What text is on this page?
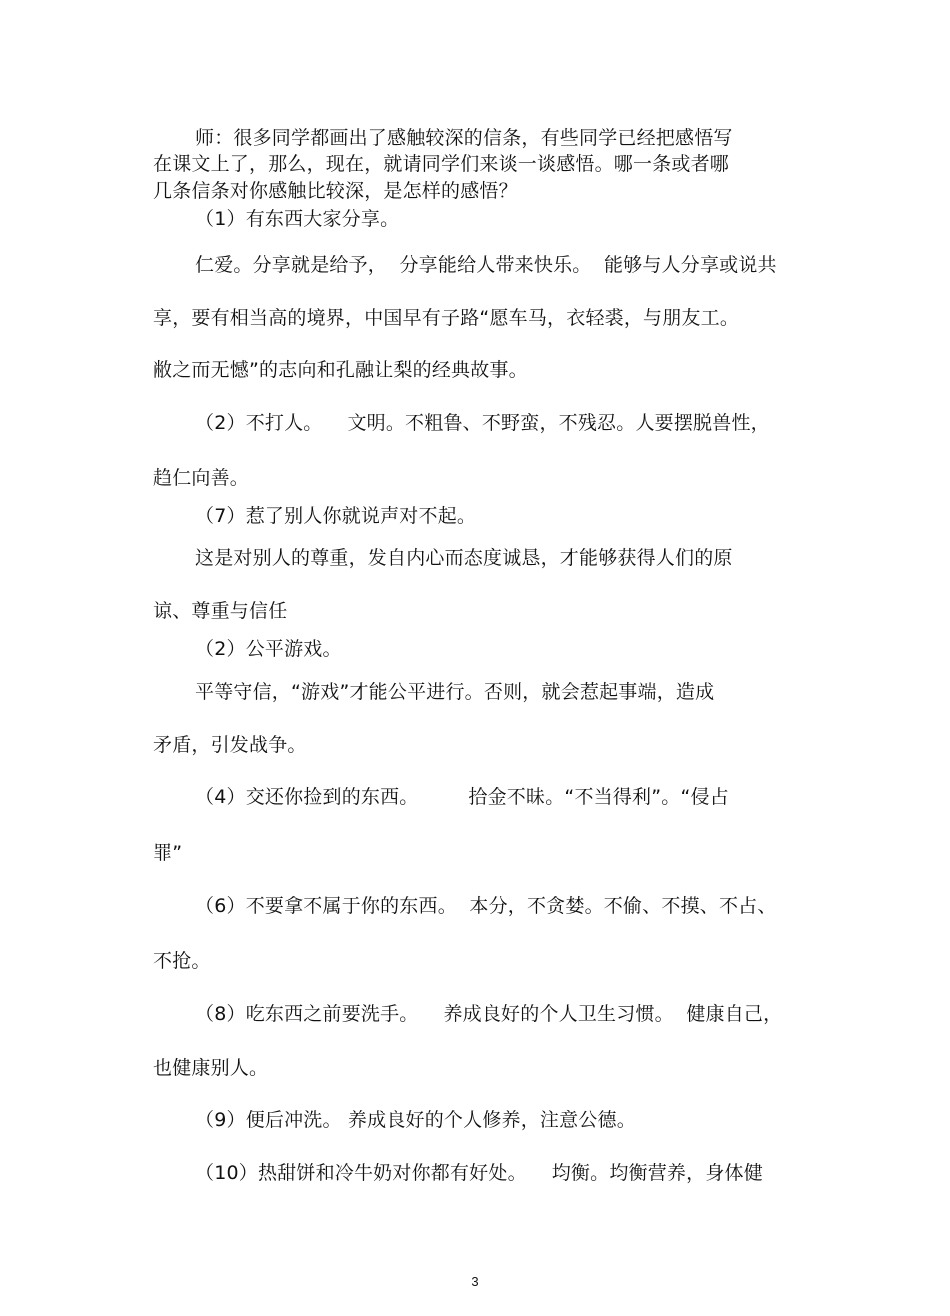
师：很多同学都画出了感触较深的信条，有些同学已经把感悟写
在课文上了，那么，现在，就请同学们来谈一谈感悟。哪一条或者哪
几条信条对你感触比较深，是怎样的感悟？
（1）有东西大家分享。
仁爱。分享就是给予，  分享能给人带来快乐。  能够与人分享或说共
享，要有相当高的境界，中国早有子路“愿车马，衣轻裘，与朋友工。
敝之而无憾”的志向和孔融让梨的经典故事。
（2）不打人。    文明。不粗鲁、不野蛮，不残忍。人要摆脱兽性，
趋仁向善。
（7）惹了别人你就说声对不起。
这是对别人的尊重，发自内心而态度诚恳，才能够获得人们的原
谅、尊重与信任
（2）公平游戏。
平等守信，“游戏”才能公平进行。否则，就会惹起事端，造成
矛盾，引发战争。
（4）交还你捡到的东西。        拾金不昧。“不当得利”。“侵占
罪”
（6）不要拿不属于你的东西。  本分，不贪婪。不偷、不摸、不占、
不抢。
（8）吃东西之前要洗手。    养成良好的个人卫生习惯。  健康自己，
也健康别人。
（9）便后冲洗。 养成良好的个人修养，注意公德。
（10）热甜饼和冷牛奶对你都有好处。    均衡。均衡营养，身体健
3
